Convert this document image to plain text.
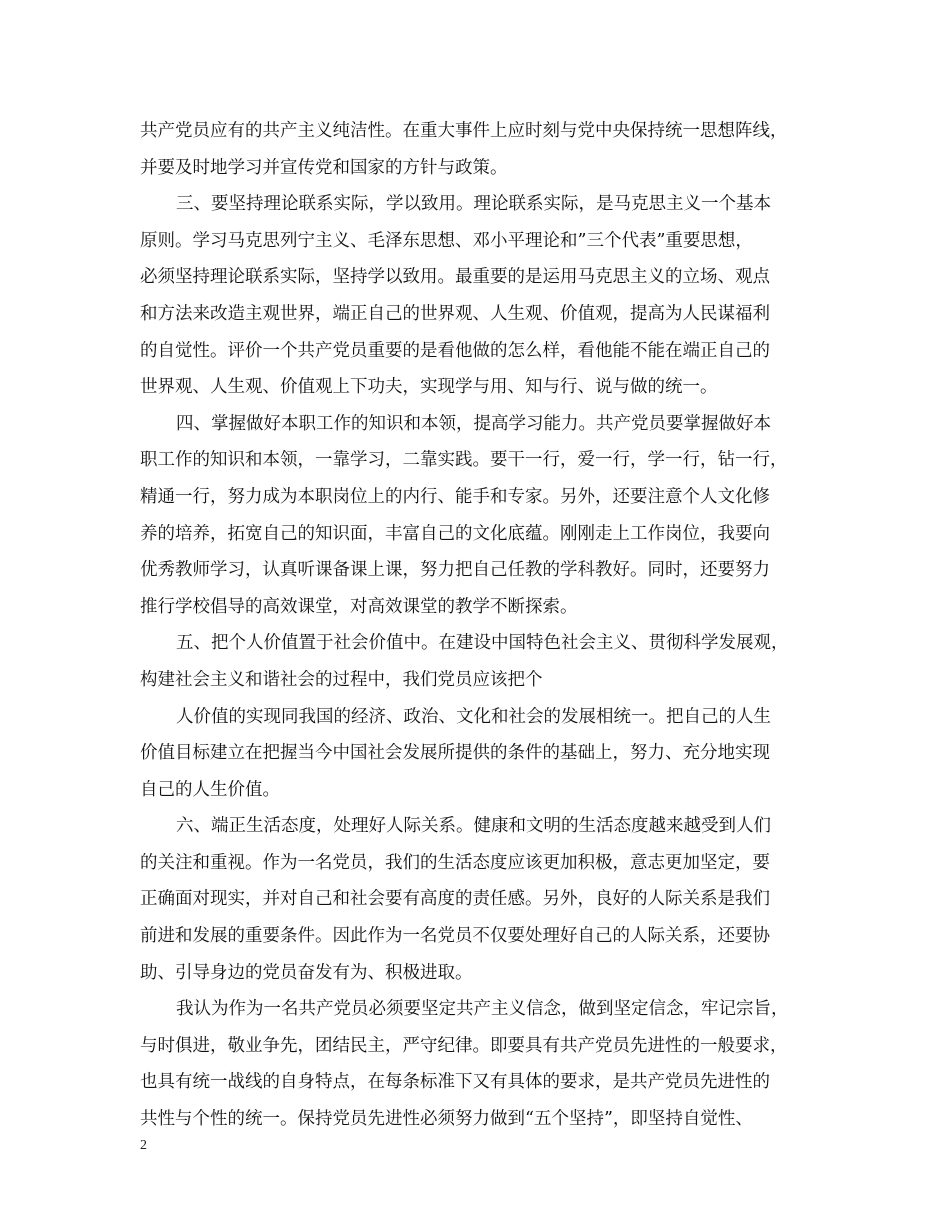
共产党员应有的共产主义纯洁性。在重大事件上应时刻与党中央保持统一思想阵线，
并要及时地学习并宣传党和国家的方针与政策。
三、要坚持理论联系实际，学以致用。理论联系实际，是马克思主义一个基本
原则。学习马克思列宁主义、毛泽东思想、邓小平理论和”三个代表”重要思想，
必须坚持理论联系实际，坚持学以致用。最重要的是运用马克思主义的立场、观点
和方法来改造主观世界，端正自己的世界观、人生观、价值观，提高为人民谋福利
的自觉性。评价一个共产党员重要的是看他做的怎么样，看他能不能在端正自己的
世界观、人生观、价值观上下功夫，实现学与用、知与行、说与做的统一。
四、掌握做好本职工作的知识和本领，提高学习能力。共产党员要掌握做好本
职工作的知识和本领，一靠学习，二靠实践。要干一行，爱一行，学一行，钻一行，
精通一行，努力成为本职岗位上的内行、能手和专家。另外，还要注意个人文化修
养的培养，拓宽自己的知识面，丰富自己的文化底蕴。刚刚走上工作岗位，我要向
优秀教师学习，认真听课备课上课，努力把自己任教的学科教好。同时，还要努力
推行学校倡导的高效课堂，对高效课堂的教学不断探索。
五、把个人价值置于社会价值中。在建设中国特色社会主义、贯彻科学发展观，
构建社会主义和谐社会的过程中，我们党员应该把个
人价值的实现同我国的经济、政治、文化和社会的发展相统一。把自己的人生
价值目标建立在把握当今中国社会发展所提供的条件的基础上，努力、充分地实现
自己的人生价值。
六、端正生活态度，处理好人际关系。健康和文明的生活态度越来越受到人们
的关注和重视。作为一名党员，我们的生活态度应该更加积极，意志更加坚定，要
正确面对现实，并对自己和社会要有高度的责任感。另外，良好的人际关系是我们
前进和发展的重要条件。因此作为一名党员不仅要处理好自己的人际关系，还要协
助、引导身边的党员奋发有为、积极进取。
我认为作为一名共产党员必须要坚定共产主义信念，做到坚定信念，牢记宗旨，
与时俱进，敬业争先，团结民主，严守纪律。即要具有共产党员先进性的一般要求，
也具有统一战线的自身特点，在每条标准下又有具体的要求，是共产党员先进性的
共性与个性的统一。保持党员先进性必须努力做到“五个坚持”，即坚持自觉性、
2
